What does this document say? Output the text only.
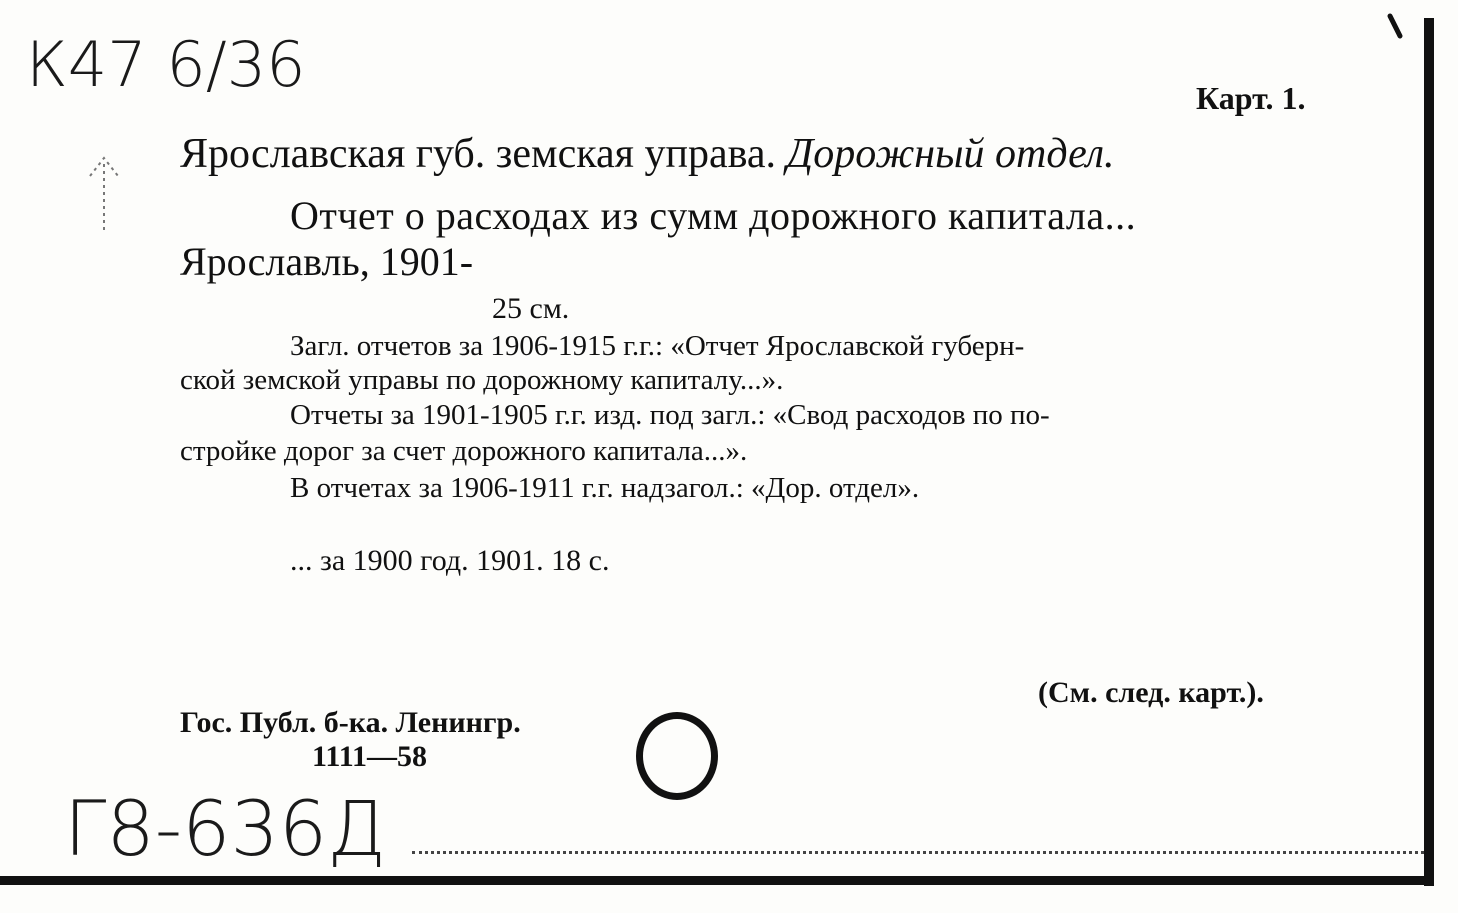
К47 6/36	Карт. 1.
Ярославская губ. земская управа. Дорожный отдел.
Отчет о расходах из сумм дорожного капитала...
Ярославль, 1901-
25 см.
Загл. отчетов за 1906-1915 г.г.: «Отчет Ярославской губерн-
ской земской управы по дорожному капиталу...».
Отчеты за 1901-1905 г.г. изд. под загл.: «Свод расходов по по-
стройке дорог за счет дорожного капитала...».
В отчетах за 1906-1911 г.г. надзагол.: «Дор. отдел».
... за 1900 год. 1901. 18 с.
(См. след. карт.).
Гос. Публ. б-ка. Ленингр.
1111—58
Г8-636Д
